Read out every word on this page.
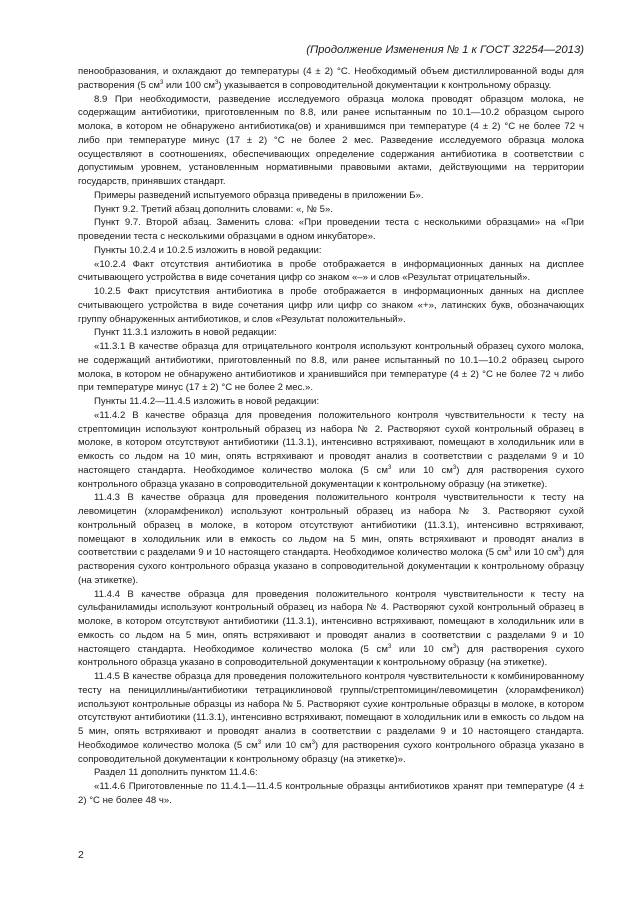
(Продолжение Изменения № 1 к ГОСТ 32254—2013)

пенообразования, и охлаждают до температуры (4 ± 2) °С. Необходимый объем дистиллированной воды для растворения (5 $см^3$ или 100 $см^3$) указывается в сопроводительной документации к контрольному образцу.

8.9 При необходимости, разведение исследуемого образца молока проводят образцом молока, не содержащим антибиотики, приготовленным по 8.8, или ранее испытанным по 10.1—10.2 образцом сырого молока, в котором не обнаружено антибиотика(ов) и хранившимся при температуре (4 ± 2) °С не более 72 ч либо при температуре минус (17 ± 2) °С не более 2 мес. Разведение исследуемого образца молока осуществляют в соотношениях, обеспечивающих определение содержания антибиотика в соответствии с допустимым уровнем, установленным нормативными правовыми актами, действующими на территории государств, принявших стандарт.

Примеры разведений испытуемого образца приведены в приложении Б».

Пункт 9.2. Третий абзац дополнить словами: «, № 5».

Пункт 9.7. Второй абзац. Заменить слова: «При проведении теста с несколькими образцами» на «При проведении теста с несколькими образцами в одном инкубаторе».

Пункты 10.2.4 и 10.2.5 изложить в новой редакции:

«10.2.4 Факт отсутствия антибиотика в пробе отображается в информационных данных на дисплее считывающего устройства в виде сочетания цифр со знаком «–» и слов «Результат отрицательный».

10.2.5 Факт присутствия антибиотика в пробе отображается в информационных данных на дисплее считывающего устройства в виде сочетания цифр или цифр со знаком «+», латинских букв, обозначающих группу обнаруженных антибиотиков, и слов «Результат положительный».

Пункт 11.3.1 изложить в новой редакции:

«11.3.1 В качестве образца для отрицательного контроля используют контрольный образец сухого молока, не содержащий антибиотики, приготовленный по 8.8, или ранее испытанный по 10.1—10.2 образец сырого молока, в котором не обнаружено антибиотиков и хранившийся при температуре (4 ± 2) °С не более 72 ч либо при температуре минус (17 ± 2) °С не более 2 мес.».

Пункты 11.4.2—11.4.5 изложить в новой редакции:

«11.4.2 В качестве образца для проведения положительного контроля чувствительности к тесту на стрептомицин используют контрольный образец из набора № 2. Растворяют сухой контрольный образец в молоке, в котором отсутствуют антибиотики (11.3.1), интенсивно встряхивают, помещают в холодильник или в емкость со льдом на 10 мин, опять встряхивают и проводят анализ в соответствии с разделами 9 и 10 настоящего стандарта. Необходимое количество молока (5 $см^3$ или 10 $см^3$) для растворения сухого контрольного образца указано в сопроводительной документации к контрольному образцу (на этикетке).

11.4.3 В качестве образца для проведения положительного контроля чувствительности к тесту на левомицетин (хлорамфеникол) используют контрольный образец из набора № 3. Растворяют сухой контрольный образец в молоке, в котором отсутствуют антибиотики (11.3.1), интенсивно встряхивают, помещают в холодильник или в емкость со льдом на 5 мин, опять встряхивают и проводят анализ в соответствии с разделами 9 и 10 настоящего стандарта. Необходимое количество молока (5 $см^3$ или 10 $см^3$) для растворения сухого контрольного образца указано в сопроводительной документации к контрольному образцу (на этикетке).

11.4.4 В качестве образца для проведения положительного контроля чувствительности к тесту на сульфаниламиды используют контрольный образец из набора № 4. Растворяют сухой контрольный образец в молоке, в котором отсутствуют антибиотики (11.3.1), интенсивно встряхивают, помещают в холодильник или в емкость со льдом на 5 мин, опять встряхивают и проводят анализ в соответствии с разделами 9 и 10 настоящего стандарта. Необходимое количество молока (5 $см^3$ или 10 $см^3$) для растворения сухого контрольного образца указано в сопроводительной документации к контрольному образцу (на этикетке).

11.4.5 В качестве образца для проведения положительного контроля чувствительности к комбинированному тесту на пенициллины/антибиотики тетрациклиновой группы/стрептомицин/левомицетин (хлорамфеникол) используют контрольные образцы из набора № 5. Растворяют сухие контрольные образцы в молоке, в котором отсутствуют антибиотики (11.3.1), интенсивно встряхивают, помещают в холодильник или в емкость со льдом на 5 мин, опять встряхивают и проводят анализ в соответствии с разделами 9 и 10 настоящего стандарта. Необходимое количество молока (5 $см^3$ или 10 $см^3$) для растворения сухого контрольного образца указано в сопроводительной документации к контрольному образцу (на этикетке)».

Раздел 11 дополнить пунктом 11.4.6:

«11.4.6 Приготовленные по 11.4.1—11.4.5 контрольные образцы антибиотиков хранят при температуре (4 ± 2) °С не более 48 ч».

2
